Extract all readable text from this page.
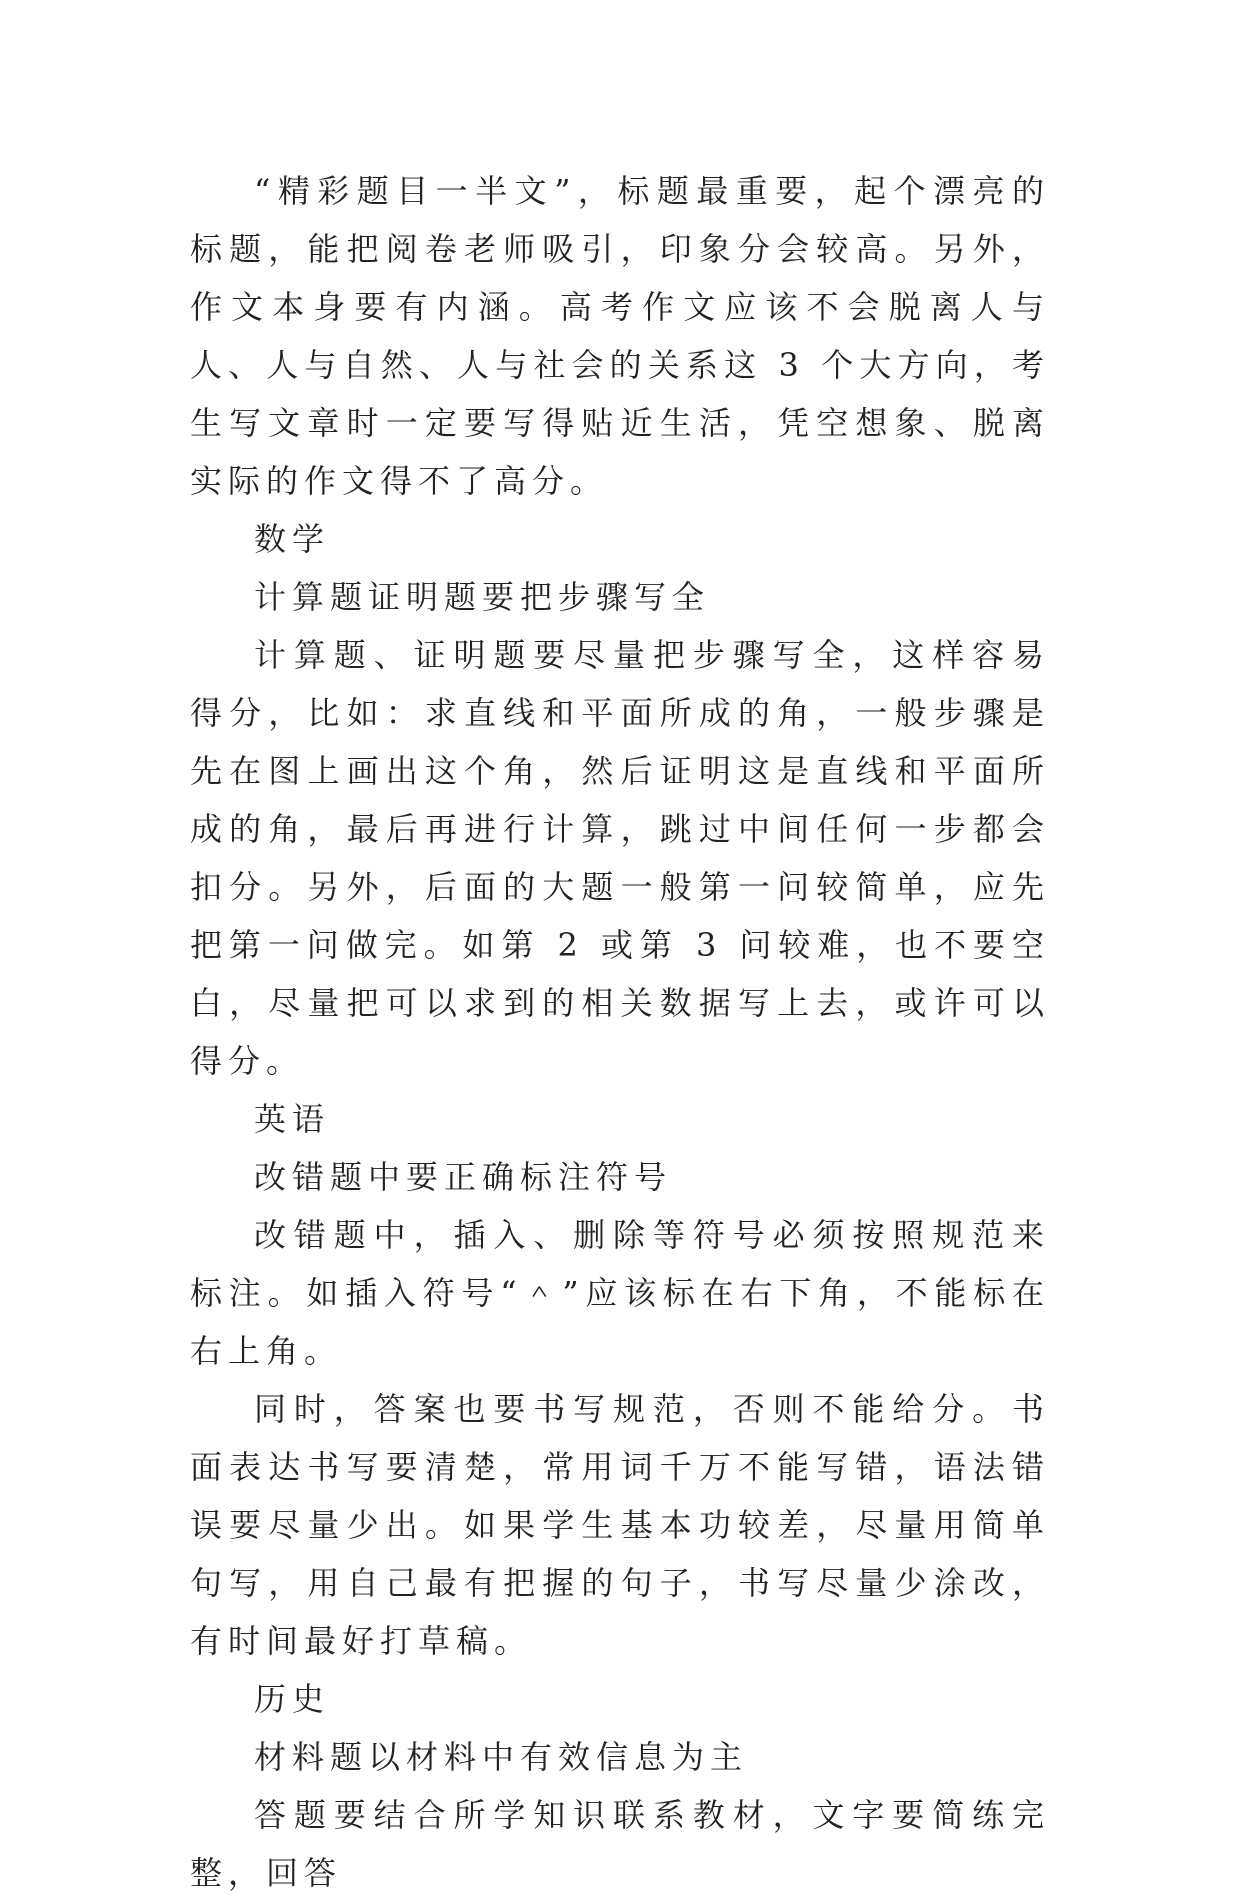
“精彩题目一半文”，标题最重要，起个漂亮的标题，能把阅卷老师吸引，印象分会较高。另外，作文本身要有内涵。高考作文应该不会脱离人与人、人与自然、人与社会的关系这 3 个大方向，考生写文章时一定要写得贴近生活，凭空想象、脱离实际的作文得不了高分。

数学

计算题证明题要把步骤写全

计算题、证明题要尽量把步骤写全，这样容易得分，比如：求直线和平面所成的角，一般步骤是先在图上画出这个角，然后证明这是直线和平面所成的角，最后再进行计算，跳过中间任何一步都会扣分。另外，后面的大题一般第一问较简单，应先把第一问做完。如第 2 或第 3 问较难，也不要空白，尽量把可以求到的相关数据写上去，或许可以得分。

英语

改错题中要正确标注符号

改错题中，插入、删除等符号必须按照规范来标注。如插入符号“＾”应该标在右下角，不能标在右上角。

同时，答案也要书写规范，否则不能给分。书面表达书写要清楚，常用词千万不能写错，语法错误要尽量少出。如果学生基本功较差，尽量用简单句写，用自己最有把握的句子，书写尽量少涂改，有时间最好打草稿。

历史

材料题以材料中有效信息为主

答题要结合所学知识联系教材，文字要简练完整，回答
